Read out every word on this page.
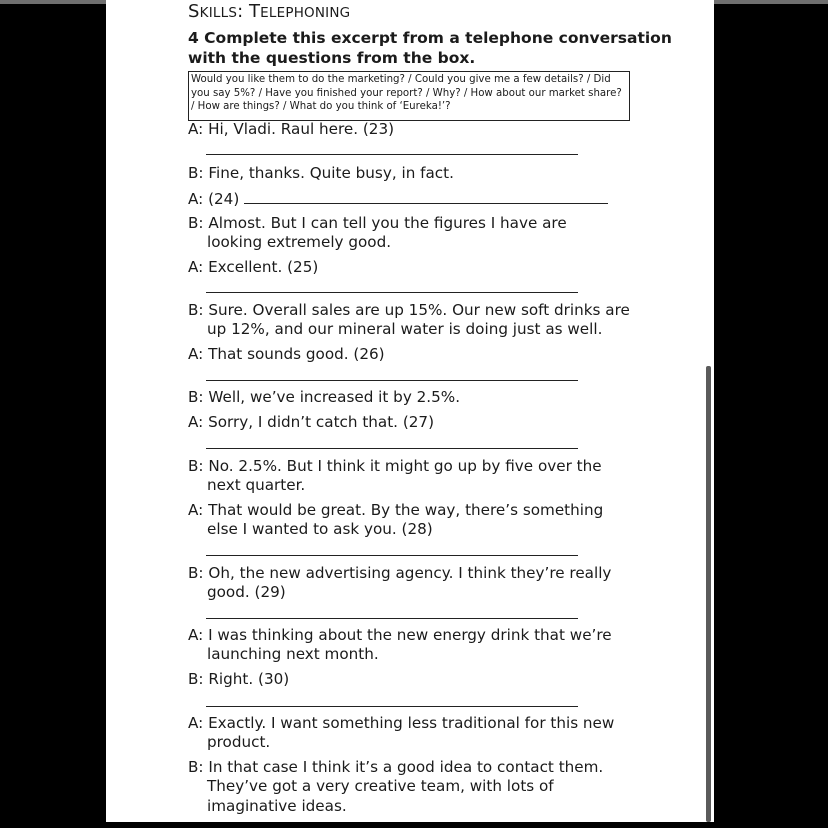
SKILLS: TELEPHONING
4 Complete this excerpt from a telephone conversation with the questions from the box.
Would you like them to do the marketing? / Could you give me a few details? / Did you say 5%? / Have you finished your report? / Why? / How about our market share? / How are things? / What do you think of ‘Eureka!’?
A: Hi, Vladi. Raul here. (23)
B: Fine, thanks. Quite busy, in fact.
A: (24)
B: Almost. But I can tell you the figures I have are
looking extremely good.
A: Excellent. (25)
B: Sure. Overall sales are up 15%. Our new soft drinks are
up 12%, and our mineral water is doing just as well.
A: That sounds good. (26)
B: Well, we’ve increased it by 2.5%.
A: Sorry, I didn’t catch that. (27)
B: No. 2.5%. But I think it might go up by five over the
next quarter.
A: That would be great. By the way, there’s something
else I wanted to ask you. (28)
B: Oh, the new advertising agency. I think they’re really
good. (29)
A: I was thinking about the new energy drink that we’re
launching next month.
B: Right. (30)
A: Exactly. I want something less traditional for this new
product.
B: In that case I think it’s a good idea to contact them.
They’ve got a very creative team, with lots of
imaginative ideas.
